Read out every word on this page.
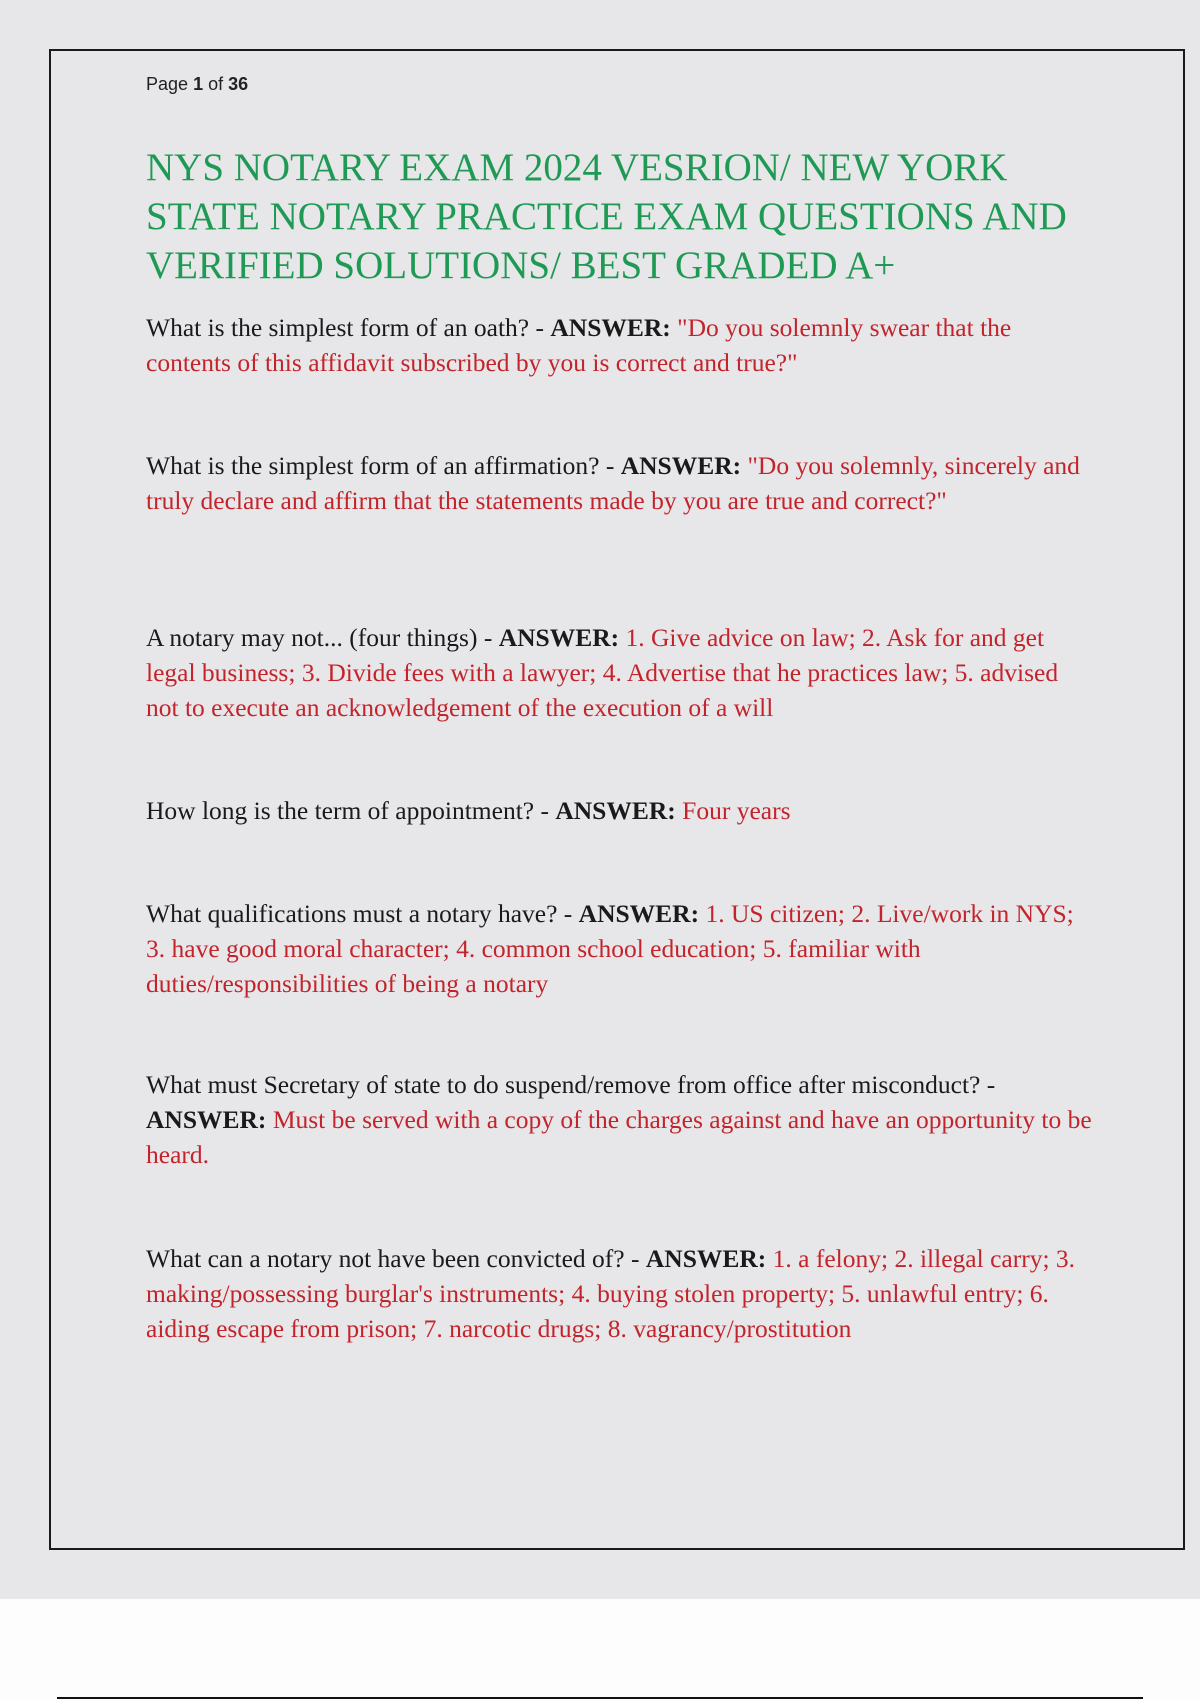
Page 1 of 36
NYS NOTARY EXAM 2024 VESRION/ NEW YORK STATE NOTARY PRACTICE EXAM QUESTIONS AND VERIFIED SOLUTIONS/ BEST GRADED A+
What is the simplest form of an oath? - ANSWER: "Do you solemnly swear that the contents of this affidavit subscribed by you is correct and true?"
What is the simplest form of an affirmation? - ANSWER: "Do you solemnly, sincerely and truly declare and affirm that the statements made by you are true and correct?"
A notary may not... (four things) - ANSWER: 1. Give advice on law; 2. Ask for and get legal business; 3. Divide fees with a lawyer; 4. Advertise that he practices law; 5. advised not to execute an acknowledgement of the execution of a will
How long is the term of appointment? - ANSWER: Four years
What qualifications must a notary have? - ANSWER: 1. US citizen; 2. Live/work in NYS; 3. have good moral character; 4. common school education; 5. familiar with duties/responsibilities of being a notary
What must Secretary of state to do suspend/remove from office after misconduct? - ANSWER: Must be served with a copy of the charges against and have an opportunity to be heard.
What can a notary not have been convicted of? - ANSWER: 1. a felony; 2. illegal carry; 3. making/possessing burglar's instruments; 4. buying stolen property; 5. unlawful entry; 6. aiding escape from prison; 7. narcotic drugs; 8. vagrancy/prostitution
